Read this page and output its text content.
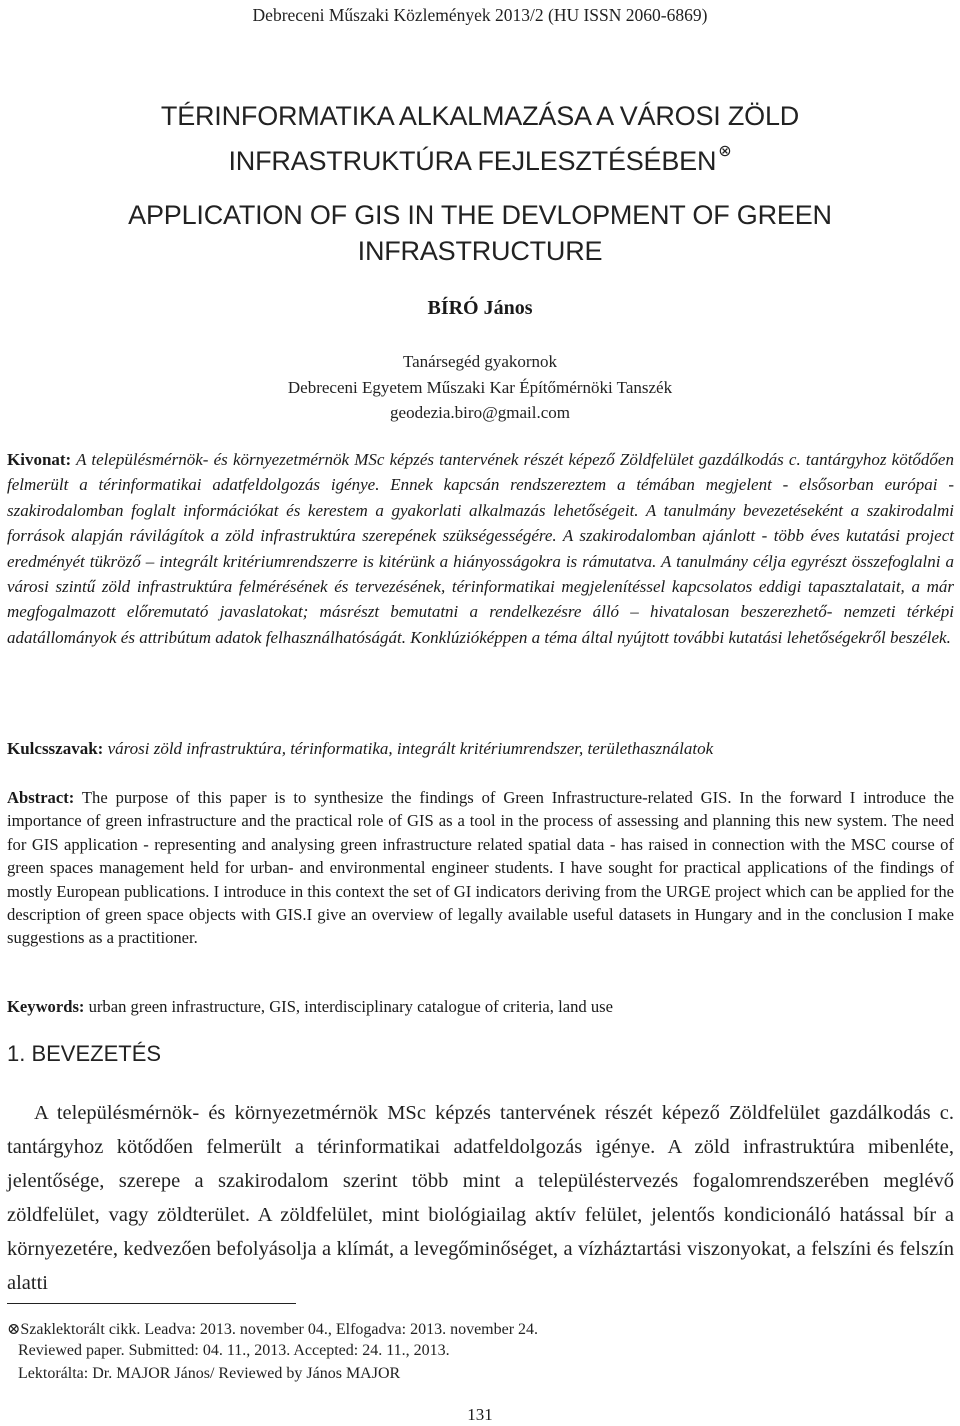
Debreceni Műszaki Közlemények 2013/2 (HU ISSN 2060-6869)
TÉRINFORMATIKA ALKALMAZÁSA A VÁROSI ZÖLD
INFRASTRUKTÚRA FEJLESZTÉSÉBEN ⊗
APPLICATION OF GIS IN THE DEVLOPMENT OF GREEN
INFRASTRUCTURE
BÍRÓ János
Tanársegéd gyakornok
Debreceni Egyetem Műszaki Kar Építőmérnöki Tanszék
geodezia.biro@gmail.com
Kivonat: A településmérnök- és környezetmérnök MSc képzés tantervének részét képező Zöldfelület gazdálkodás c. tantárgyhoz kötődően felmerült a térinformatikai adatfeldolgozás igénye. Ennek kapcsán rendszereztem a témában megjelent - elsősorban európai - szakirodalomban foglalt információkat és kerestem a gyakorlati alkalmazás lehetőségeit. A tanulmány bevezetéseként a szakirodalmi források alapján rávilágítok a zöld infrastruktúra szerepének szükségességére. A szakirodalomban ajánlott - több éves kutatási project eredményét tükröző – integrált kritériumrendszerre is kitérünk a hiányosságokra is rámutatva. A tanulmány célja egyrészt összefoglalni a városi szintű zöld infrastruktúra felmérésének és tervezésének, térinformatikai megjelenítéssel kapcsolatos eddigi tapasztalatait, a már megfogalmazott előremutató javaslatokat; másrészt bemutatni a rendelkezésre álló – hivatalosan beszerezhető- nemzeti térképi adatállományok és attribútum adatok felhasználhatóságát. Konklúzióképpen a téma által nyújtott további kutatási lehetőségekről beszélek.
Kulcsszavak: városi zöld infrastruktúra, térinformatika, integrált kritériumrendszer, területhasználatok
Abstract: The purpose of this paper is to synthesize the findings of Green Infrastructure-related GIS. In the forward I introduce the importance of green infrastructure and the practical role of GIS as a tool in the process of assessing and planning this new system. The need for GIS application - representing and analysing green infrastructure related spatial data - has raised in connection with the MSC course of green spaces management held for urban- and environmental engineer students. I have sought for practical applications of the findings of mostly European publications. I introduce in this context the set of GI indicators deriving from the URGE project which can be applied for the description of green space objects with GIS.I give an overview of legally available useful datasets in Hungary and in the conclusion I make suggestions as a practitioner.
Keywords: urban green infrastructure, GIS, interdisciplinary catalogue of criteria, land use
1. BEVEZETÉS
A településmérnök- és környezetmérnök MSc képzés tantervének részét képező Zöldfelület gazdálkodás c. tantárgyhoz kötődően felmerült a térinformatikai adatfeldolgozás igénye. A zöld infrastruktúra mibenléte, jelentősége, szerepe a szakirodalom szerint több mint a településtervezés fogalomrendszerében meglévő zöldfelület, vagy zöldterület. A zöldfelület, mint biológiailag aktív felület, jelentős kondicionáló hatással bír a környezetére, kedvezően befolyásolja a klímát, a levegőminőséget, a vízháztartási viszonyokat, a felszíni és felszín alatti
⊗Szaklektorált cikk. Leadva: 2013. november 04., Elfogadva: 2013. november 24.
Reviewed paper. Submitted: 04. 11., 2013. Accepted: 24. 11., 2013.
Lektorálta: Dr. MAJOR János/ Reviewed by János MAJOR
131
